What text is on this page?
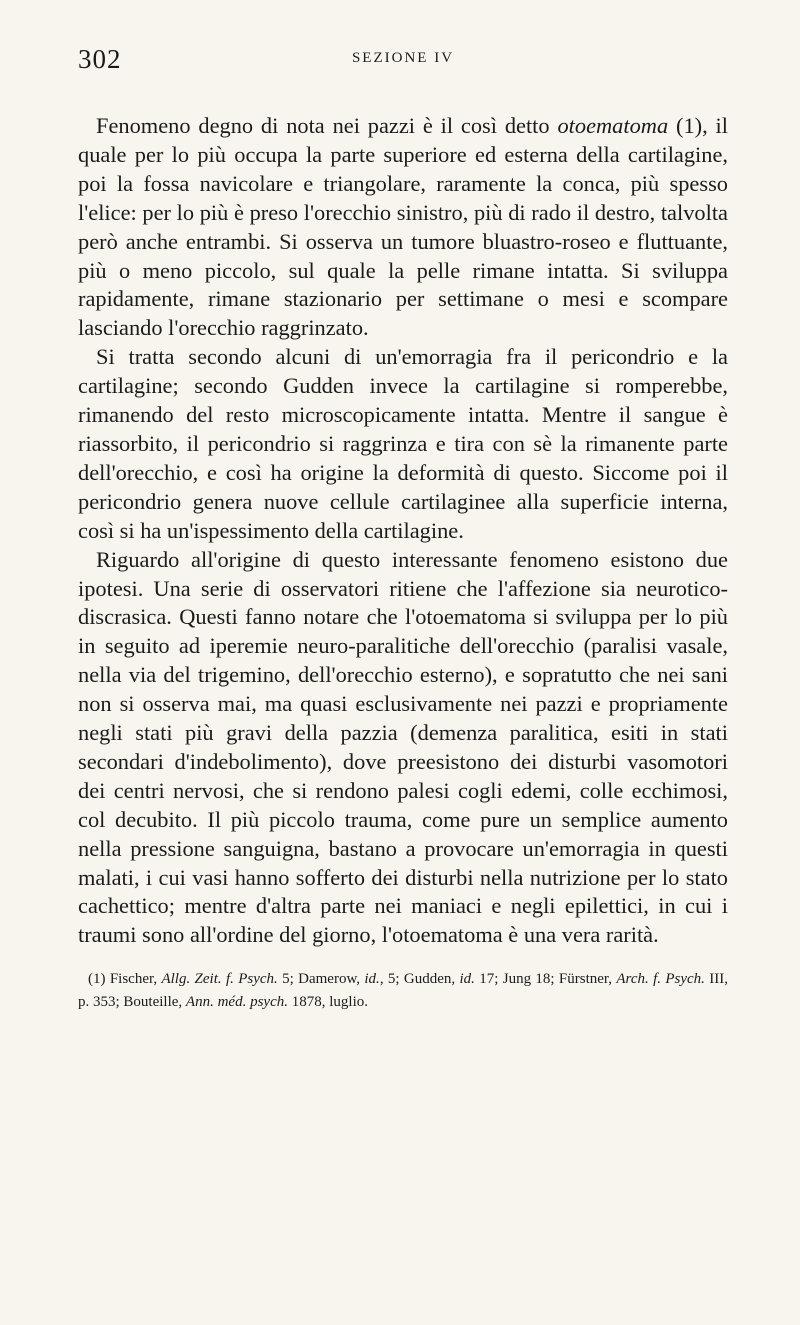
302	SEZIONE IV

Fenomeno degno di nota nei pazzi è il così detto otoematoma (1), il quale per lo più occupa la parte superiore ed esterna della cartilagine, poi la fossa navicolare e triangolare, raramente la conca, più spesso l'elice: per lo più è preso l'orecchio sinistro, più di rado il destro, talvolta però anche entrambi. Si osserva un tumore bluastro-roseo e fluttuante, più o meno piccolo, sul quale la pelle rimane intatta. Si sviluppa rapidamente, rimane stazionario per settimane o mesi e scompare lasciando l'orecchio raggrinzato.

Si tratta secondo alcuni di un'emorragia fra il pericondrio e la cartilagine; secondo Gudden invece la cartilagine si romperebbe, rimanendo del resto microscopicamente intatta. Mentre il sangue è riassorbito, il pericondrio si raggrinza e tira con sè la rimanente parte dell'orecchio, e così ha origine la deformità di questo. Siccome poi il pericondrio genera nuove cellule cartilaginee alla superficie interna, così si ha un'ispessimento della cartilagine.

Riguardo all'origine di questo interessante fenomeno esistono due ipotesi. Una serie di osservatori ritiene che l'affezione sia neurotico-discrasica. Questi fanno notare che l'otoematoma si sviluppa per lo più in seguito ad iperemie neuro-paralitiche dell'orecchio (paralisi vasale, nella via del trigemino, dell'orecchio esterno), e sopratutto che nei sani non si osserva mai, ma quasi esclusivamente nei pazzi e propriamente negli stati più gravi della pazzia (demenza paralitica, esiti in stati secondari d'indebolimento), dove preesistono dei disturbi vasomotori dei centri nervosi, che si rendono palesi cogli edemi, colle ecchimosi, col decubito. Il più piccolo trauma, come pure un semplice aumento nella pressione sanguigna, bastano a provocare un'emorragia in questi malati, i cui vasi hanno sofferto dei disturbi nella nutrizione per lo stato cachettico; mentre d'altra parte nei maniaci e negli epilettici, in cui i traumi sono all'ordine del giorno, l'otoematoma è una vera rarità.

(1) Fischer, Allg. Zeit. f. Psych. 5; Damerow, id., 5; Gudden, id. 17; Jung 18; Fürstner, Arch. f. Psych. III, p. 353; Bouteille, Ann. méd. psych. 1878, luglio.
